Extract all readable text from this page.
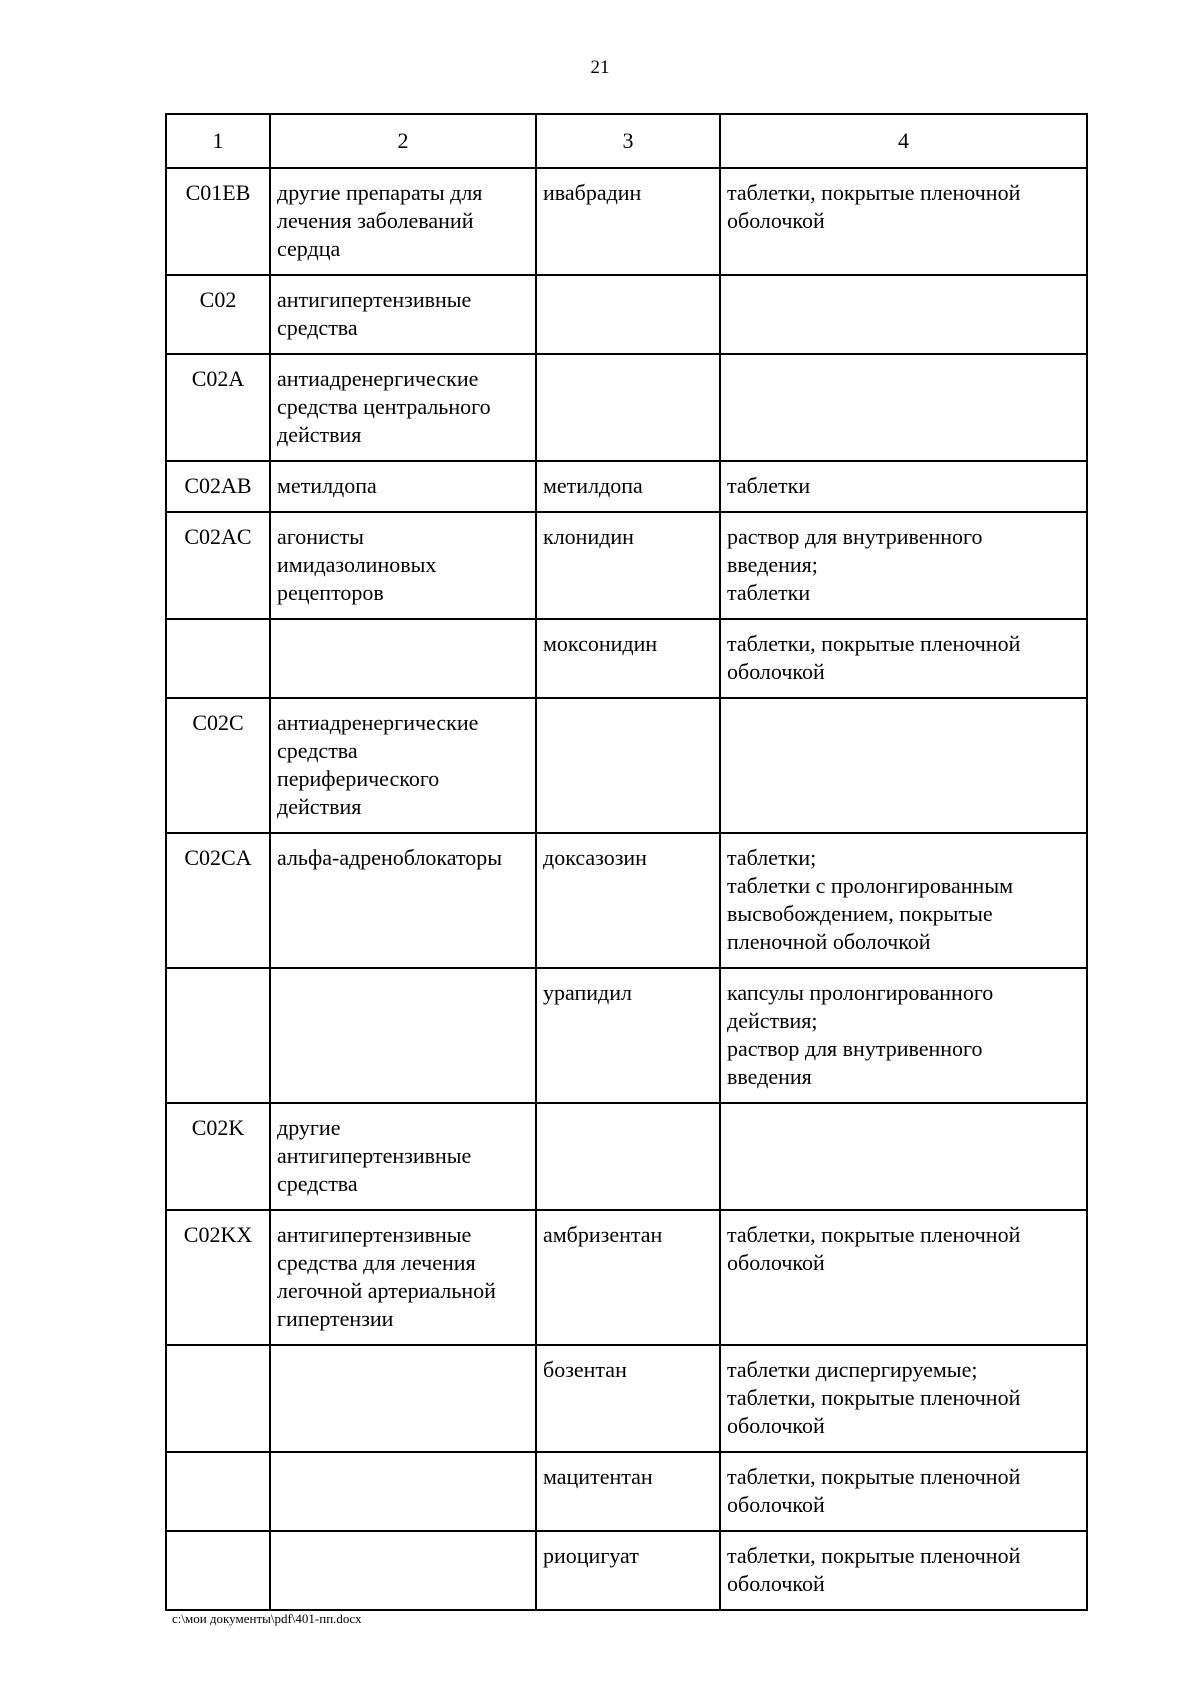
21
1	2	3	4
C01EB	другие препараты для
лечения заболеваний
сердца	ивабрадин	таблетки, покрытые пленочной
оболочкой

C02	антигипертензивные
средства		

C02A	антиадренергические
средства центрального
действия		

C02AB	метилдопа	метилдопа	таблетки

C02AC	агонисты
имидазолиновых
рецепторов	клонидин	раствор для внутривенного
введения;
таблетки

		моксонидин	таблетки, покрытые пленочной
оболочкой

C02C	антиадренергические
средства
периферического
действия		

C02CA	альфа-адреноблокаторы	доксазозин	таблетки;
таблетки с пролонгированным
высвобождением, покрытые
пленочной оболочкой

		урапидил	капсулы пролонгированного
действия;
раствор для внутривенного
введения

C02K	другие
антигипертензивные
средства		

C02KX	антигипертензивные
средства для лечения
легочной артериальной
гипертензии	амбризентан	таблетки, покрытые пленочной
оболочкой

		бозентан	таблетки диспергируемые;
таблетки, покрытые пленочной
оболочкой

		мацитентан	таблетки, покрытые пленочной
оболочкой

		риоцигуат	таблетки, покрытые пленочной
оболочкой
c:\мои документы\pdf\401-пп.docx
